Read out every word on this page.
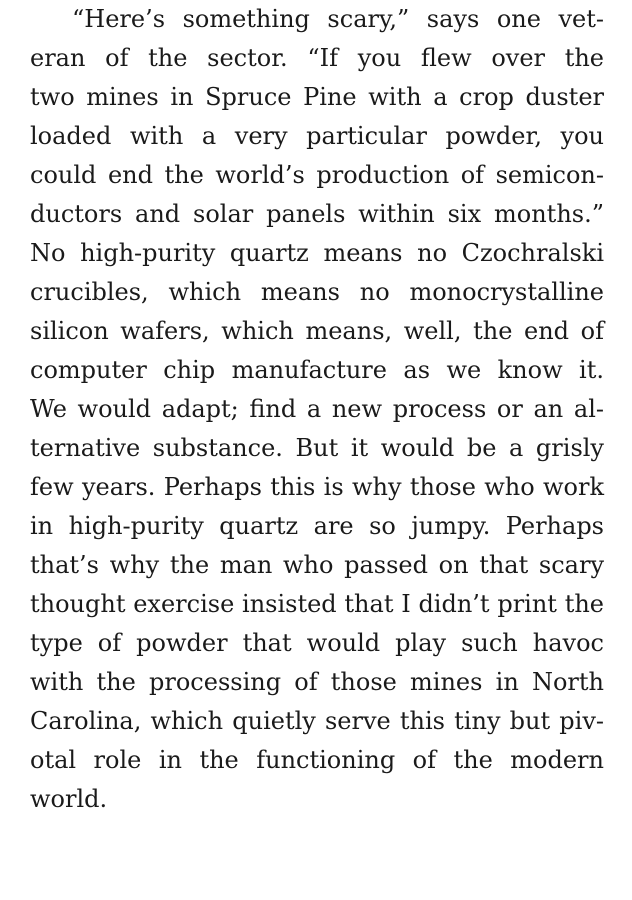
“Here’s something scary,” says one vet-
eran of the sector. “If you flew over the
two mines in Spruce Pine with a crop duster
loaded with a very particular powder, you
could end the world’s production of semicon-
ductors and solar panels within six months.”
No high-purity quartz means no Czochralski
crucibles, which means no monocrystalline
silicon wafers, which means, well, the end of
computer chip manufacture as we know it.
We would adapt; find a new process or an al-
ternative substance. But it would be a grisly
few years. Perhaps this is why those who work
in high-purity quartz are so jumpy. Perhaps
that’s why the man who passed on that scary
thought exercise insisted that I didn’t print the
type of powder that would play such havoc
with the processing of those mines in North
Carolina, which quietly serve this tiny but piv-
otal role in the functioning of the modern
world.
